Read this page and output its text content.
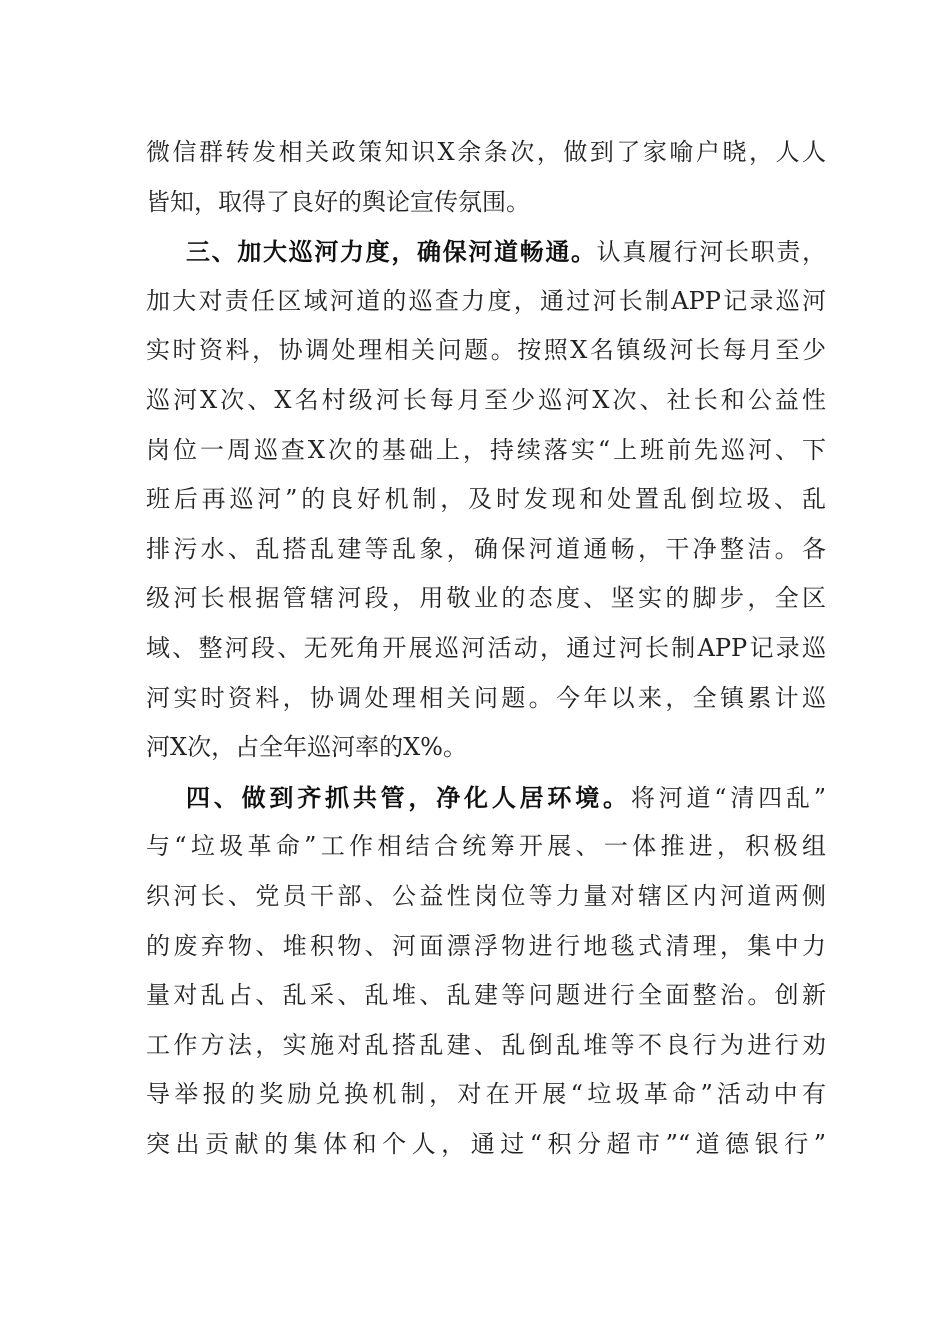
微信群转发相关政策知识X余条次，做到了家喻户晓，人人
皆知，取得了良好的舆论宣传氛围。
三、加大巡河力度，确保河道畅通。认真履行河长职责，
加大对责任区域河道的巡查力度，通过河长制APP记录巡河
实时资料，协调处理相关问题。按照X名镇级河长每月至少
巡河X次、X名村级河长每月至少巡河X次、社长和公益性
岗位一周巡查X次的基础上，持续落实“上班前先巡河、下
班后再巡河”的良好机制，及时发现和处置乱倒垃圾、乱
排污水、乱搭乱建等乱象，确保河道通畅，干净整洁。各
级河长根据管辖河段，用敬业的态度、坚实的脚步，全区
域、整河段、无死角开展巡河活动，通过河长制APP记录巡
河实时资料，协调处理相关问题。今年以来，全镇累计巡
河X次，占全年巡河率的X%。
四、做到齐抓共管，净化人居环境。将河道“清四乱”
与“垃圾革命”工作相结合统筹开展、一体推进，积极组
织河长、党员干部、公益性岗位等力量对辖区内河道两侧
的废弃物、堆积物、河面漂浮物进行地毯式清理，集中力
量对乱占、乱采、乱堆、乱建等问题进行全面整治。创新
工作方法，实施对乱搭乱建、乱倒乱堆等不良行为进行劝
导举报的奖励兑换机制，对在开展“垃圾革命”活动中有
突出贡献的集体和个人，通过“积分超市”“道德银行”
